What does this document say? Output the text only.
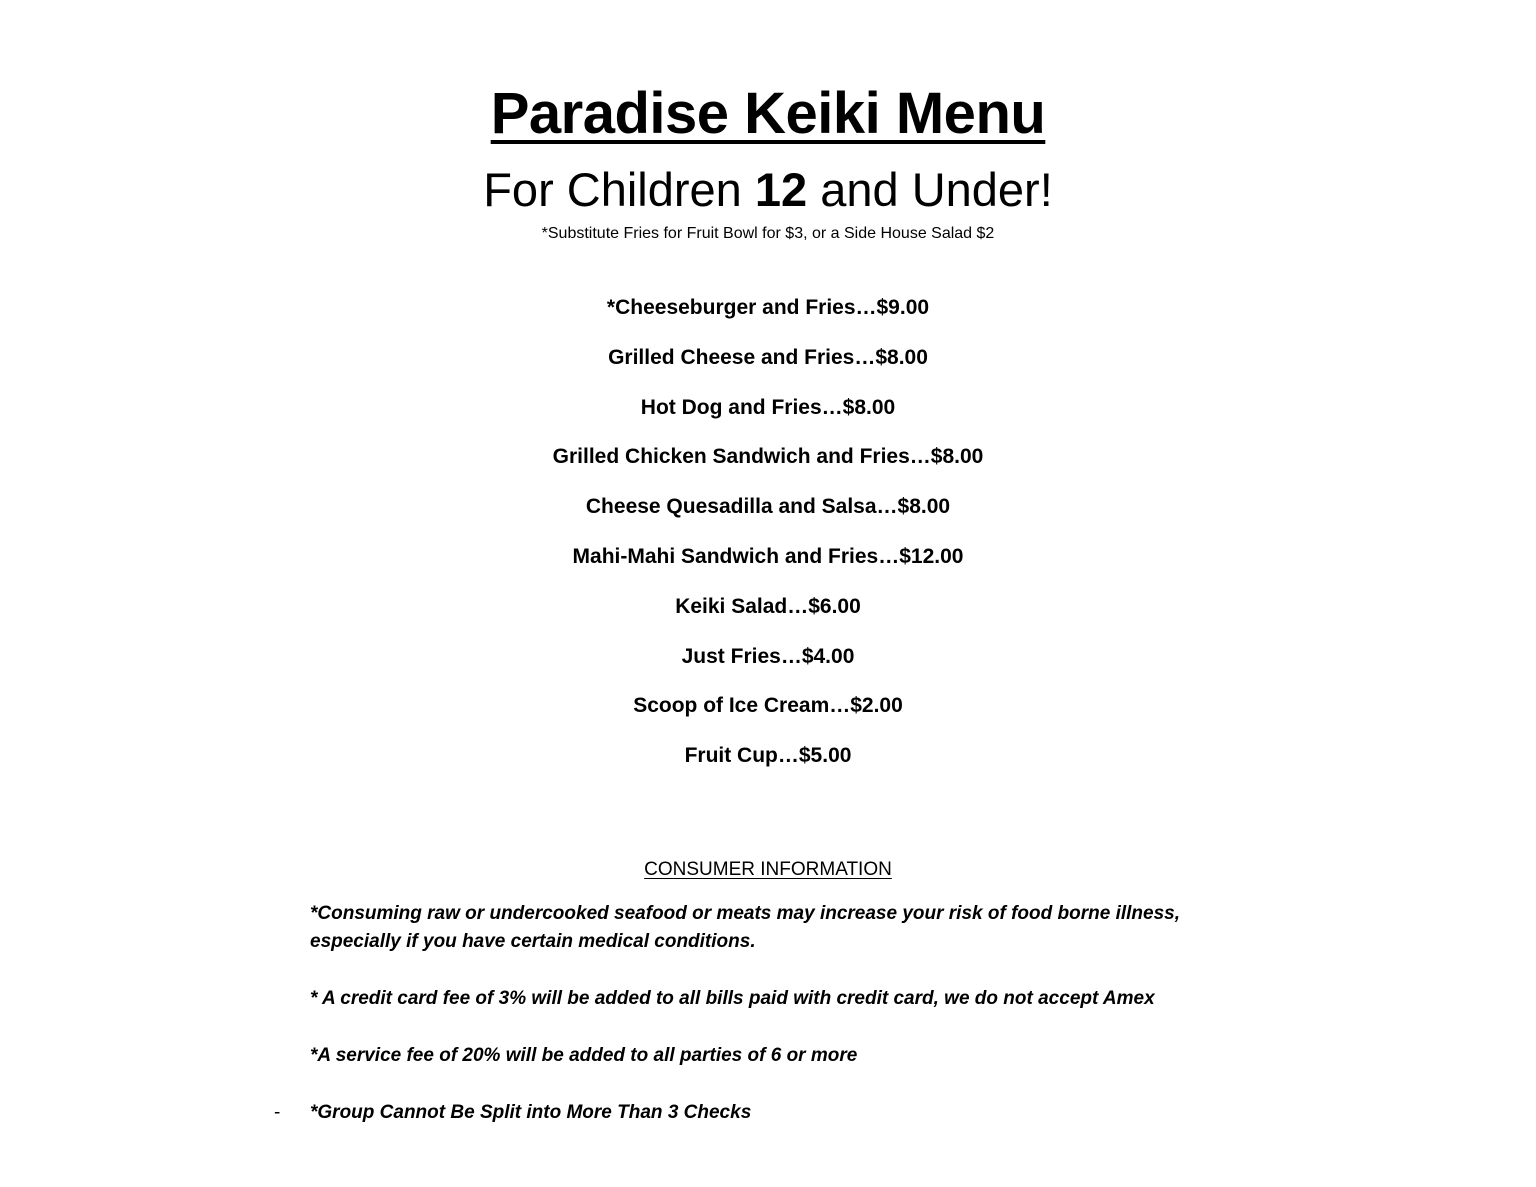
Paradise Keiki Menu
For Children 12 and Under!
*Substitute Fries for Fruit Bowl for $3, or a Side House Salad $2
*Cheeseburger and Fries…$9.00
Grilled Cheese and Fries…$8.00
Hot Dog and Fries…$8.00
Grilled Chicken Sandwich and Fries…$8.00
Cheese Quesadilla and Salsa…$8.00
Mahi-Mahi Sandwich and Fries…$12.00
Keiki Salad…$6.00
Just Fries…$4.00
Scoop of Ice Cream…$2.00
Fruit Cup…$5.00
CONSUMER INFORMATION
*Consuming raw or undercooked seafood or meats may increase your risk of food borne illness, especially if you have certain medical conditions.
* A credit card fee of 3% will be added to all bills paid with credit card, we do not accept Amex
*A service fee of 20% will be added to all parties of 6 or more
- *Group Cannot Be Split into More Than 3 Checks
